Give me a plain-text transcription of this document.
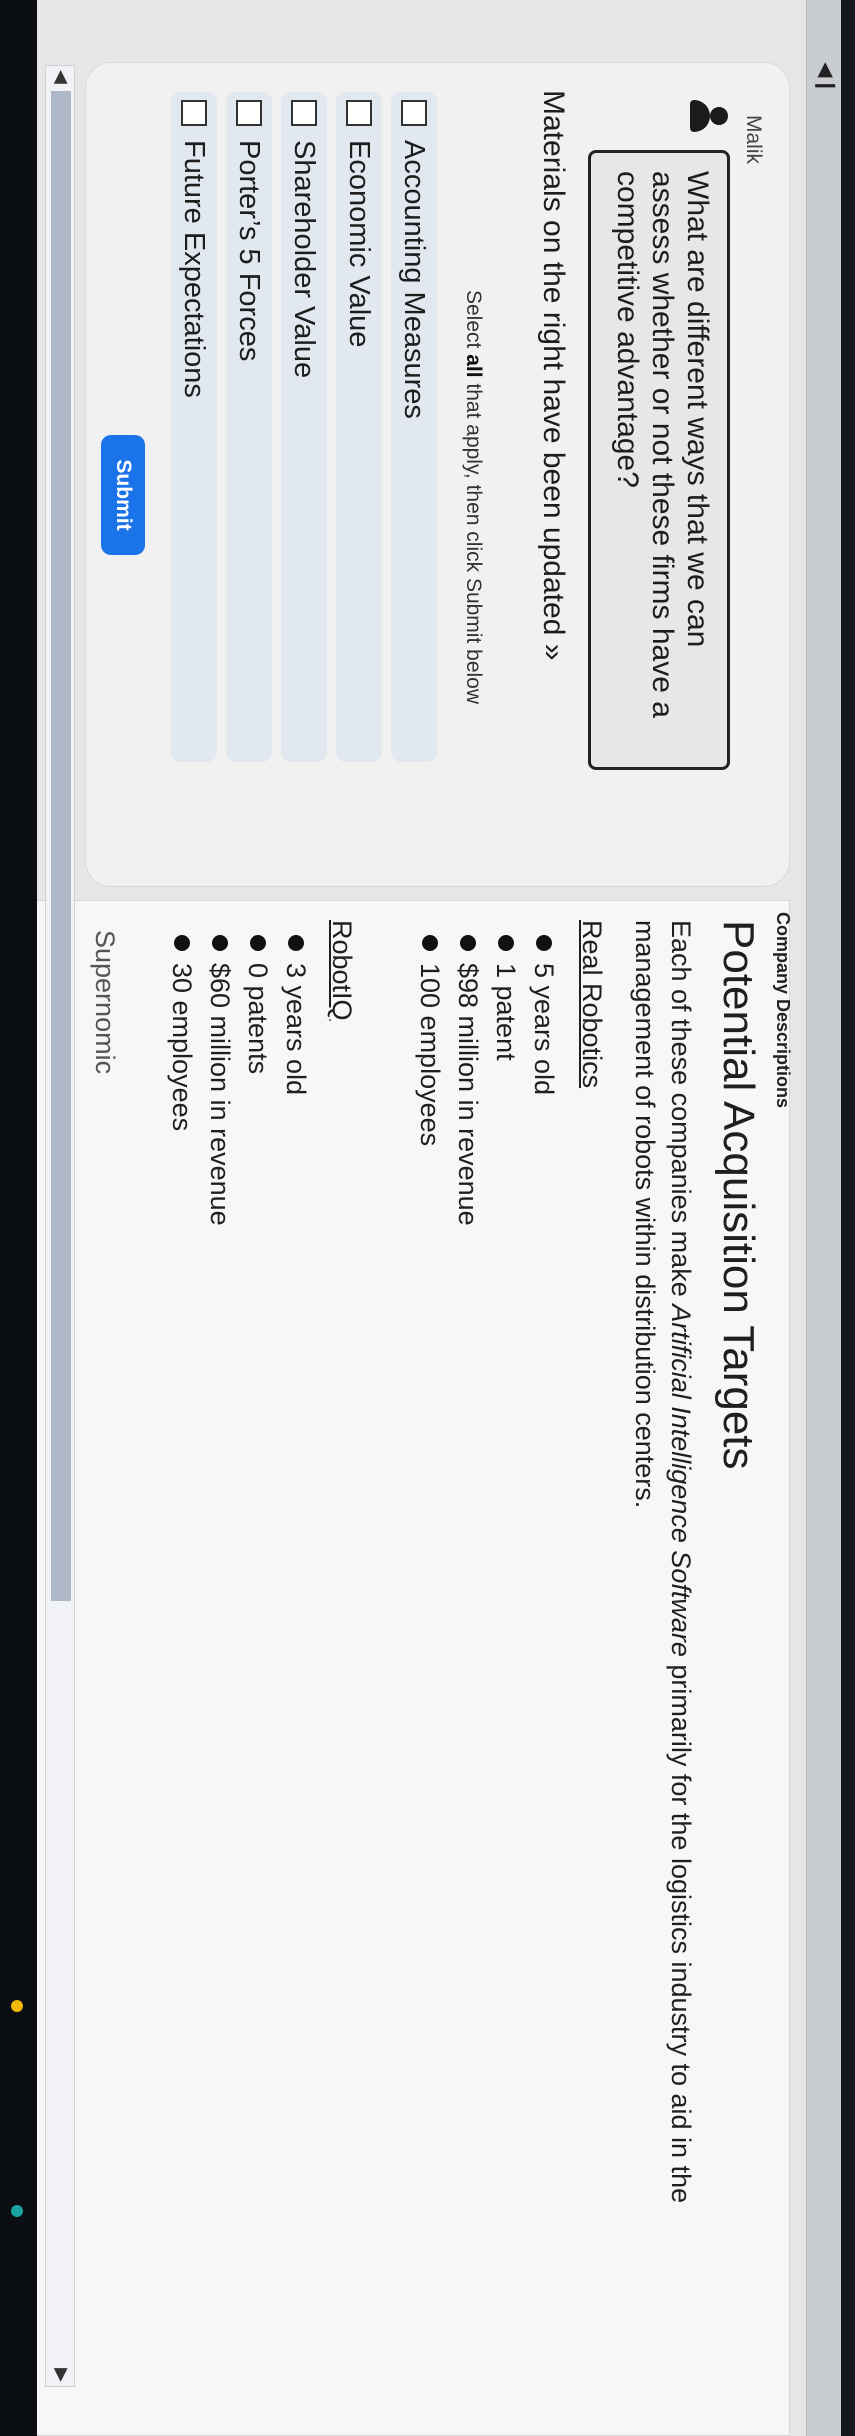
◀❙
Malik
What are different ways that we can assess whether or not these firms have a competitive advantage?
Materials on the right have been updated »
Select all that apply, then click Submit below
Accounting Measures
Economic Value
Shareholder Value
Porter’s 5 Forces
Future Expectations
Submit
Company Descriptions
Potential Acquisition Targets
Each of these companies make Artificial Intelligence Software primarily for the logistics industry to aid in the management of robots within distribution centers.
Real Robotics
5 years old
1 patent
$98 million in revenue
100 employees
RobotIQ
3 years old
0 patents
$60 million in revenue
30 employees
Supernomic
◀
▶
